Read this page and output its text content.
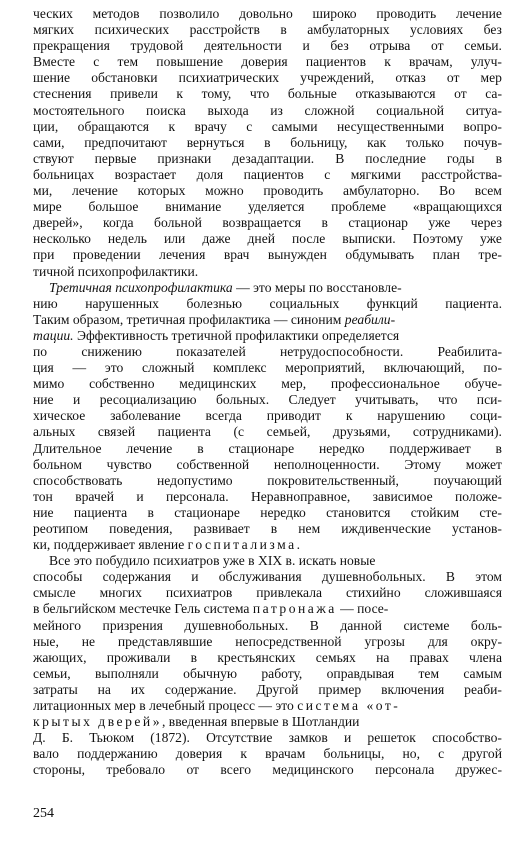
ческих методов позволило довольно широко проводить лечение
мягких психических расстройств в амбулаторных условиях без
прекращения трудовой деятельности и без отрыва от семьи.
Вместе с тем повышение доверия пациентов к врачам, улуч-
шение обстановки психиатрических учреждений, отказ от мер
стеснения привели к тому, что больные отказываются от са-
мостоятельного поиска выхода из сложной социальной ситуа-
ции, обращаются к врачу с самыми несущественными вопро-
сами, предпочитают вернуться в больницу, как только почув-
ствуют первые признаки дезадаптации. В последние годы в
больницах возрастает доля пациентов с мягкими расстройства-
ми, лечение которых можно проводить амбулаторно. Во всем
мире большое внимание уделяется проблеме «вращающихся
дверей», когда больной возвращается в стационар уже через
несколько недель или даже дней после выписки. Поэтому уже
при проведении лечения врач вынужден обдумывать план тре-
тичной психопрофилактики.

Третичная психопрофилактика — это меры по восстановле-
нию нарушенных болезнью социальных функций пациента.
Таким образом, третичная профилактика — синоним реабили-
тации. Эффективность третичной профилактики определяется
по	снижению	показателей	нетрудоспособности.	Реабилита-
ция — это сложный комплекс мероприятий, включающий, по-
мимо собственно медицинских мер, профессиональное обуче-
ние и ресоциализацию больных. Следует учитывать, что пси-
хическое заболевание всегда приводит к нарушению соци-
альных связей пациента (с семьей, друзьями, сотрудниками).
Длительное лечение в стационаре нередко поддерживает в
больном чувство собственной неполноценности. Этому может
способствовать	недопустимо	покровительственный,	поучающий
тон врачей и персонала. Неравноправное, зависимое положе-
ние пациента в стационаре нередко становится стойким сте-
реотипом поведения, развивает в нем иждивенческие установ-
ки, поддерживает явление госпитализма.

Все это побудило психиатров уже в XIX в. искать новые
способы содержания и обслуживания душевнобольных. В этом
смысле многих психиатров привлекала стихийно сложившаяся
в бельгийском местечке Гель система патронажа — посе-
мейного призрения душевнобольных. В данной системе боль-
ные, не представлявшие непосредственной угрозы для окру-
жающих, проживали в крестьянских семьях на правах члена
семьи, выполняли обычную работу, оправдывая тем самым
затраты на их содержание. Другой пример включения реаби-
литационных мер в лечебный процесс — это система «от-
крытых дверей», введенная впервые в Шотландии
Д. Б. Тьюком (1872). Отсутствие замков и решеток способство-
вало поддержанию доверия к врачам больницы, но, с другой
стороны, требовало от всего медицинского персонала дружес-

254
